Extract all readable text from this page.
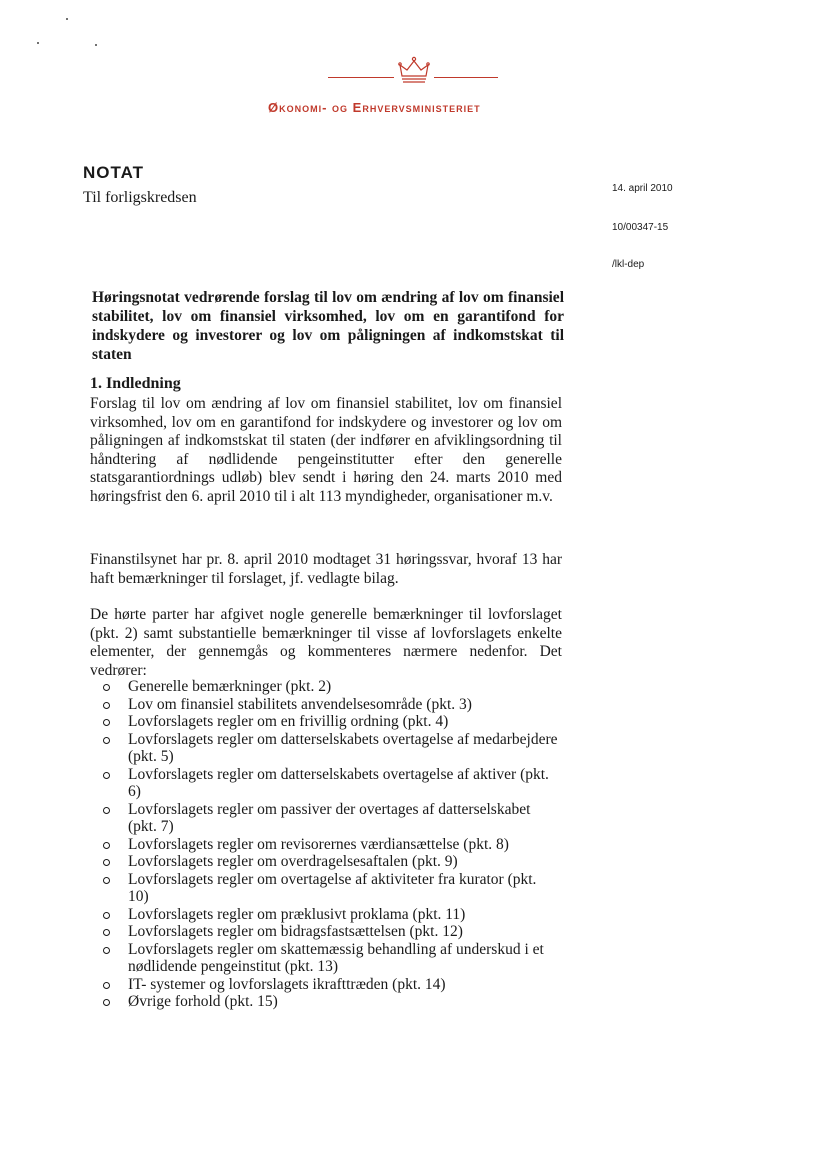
Økonomi- og Erhvervsministeriet
NOTAT
Til forligskredsen
14. april 2010
10/00347-15
/lkl-dep
Høringsnotat vedrørende forslag til lov om ændring af lov om finansiel stabilitet, lov om finansiel virksomhed, lov om en garantifond for indskydere og investorer og lov om påligningen af indkomstskat til staten
1. Indledning

Forslag til lov om ændring af lov om finansiel stabilitet, lov om finansiel virksomhed, lov om en garantifond for indskydere og investorer og lov om påligningen af indkomstskat til staten (der indfører en afviklingsordning til håndtering af nødlidende pengeinstitutter efter den generelle statsgarantiordnings udløb) blev sendt i høring den 24. marts 2010 med høringsfrist den 6. april 2010 til i alt 113 myndigheder, organisationer m.v.

Finanstilsynet har pr. 8. april 2010 modtaget 31 høringssvar, hvoraf 13 har haft bemærkninger til forslaget, jf. vedlagte bilag.

De hørte parter har afgivet nogle generelle bemærkninger til lovforslaget (pkt. 2) samt substantielle bemærkninger til visse af lovforslagets enkelte elementer, der gennemgås og kommenteres nærmere nedenfor. Det vedrører:

Generelle bemærkninger (pkt. 2)
Lov om finansiel stabilitets anvendelsesområde (pkt. 3)
Lovforslagets regler om en frivillig ordning (pkt. 4)
Lovforslagets regler om datterselskabets overtagelse af medarbejdere (pkt. 5)
Lovforslagets regler om datterselskabets overtagelse af aktiver (pkt. 6)
Lovforslagets regler om passiver der overtages af datterselskabet (pkt. 7)
Lovforslagets regler om revisorernes værdiansættelse (pkt. 8)
Lovforslagets regler om overdragelsesaftalen (pkt. 9)
Lovforslagets regler om overtagelse af aktiviteter fra kurator (pkt. 10)
Lovforslagets regler om præklusivt proklama (pkt. 11)
Lovforslagets regler om bidragsfastsættelsen (pkt. 12)
Lovforslagets regler om skattemæssig behandling af underskud i et nødlidende pengeinstitut (pkt. 13)
IT- systemer og lovforslagets ikrafttræden (pkt. 14)
Øvrige forhold (pkt. 15)
